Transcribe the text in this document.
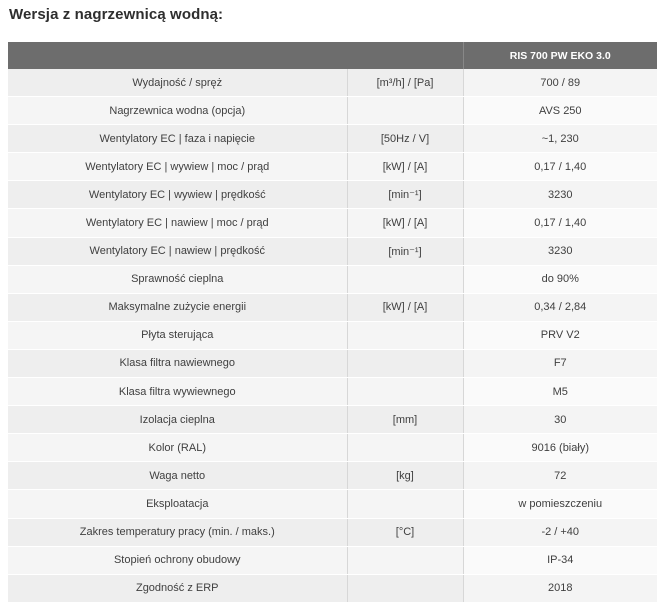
Wersja z nagrzewnicą wodną:
		RIS 700 PW EKO 3.0
Wydajność / spręż	[m³/h] / [Pa]	700 / 89
Nagrzewnica wodna (opcja)		AVS 250
Wentylatory EC | faza i napięcie	[50Hz / V]	~1, 230
Wentylatory EC | wywiew | moc / prąd	[kW] / [A]	0,17 / 1,40
Wentylatory EC | wywiew | prędkość	[min⁻¹]	3230
Wentylatory EC | nawiew | moc / prąd	[kW] / [A]	0,17 / 1,40
Wentylatory EC | nawiew | prędkość	[min⁻¹]	3230
Sprawność cieplna		do 90%
Maksymalne zużycie energii	[kW] / [A]	0,34 / 2,84
Płyta sterująca		PRV V2
Klasa filtra nawiewnego		F7
Klasa filtra wywiewnego		M5
Izolacja cieplna	[mm]	30
Kolor (RAL)		9016 (biały)
Waga netto	[kg]	72
Eksploatacja		w pomieszczeniu
Zakres temperatury pracy (min. / maks.)	[°C]	-2 / +40
Stopień ochrony obudowy		IP-34
Zgodność z ERP		2018
